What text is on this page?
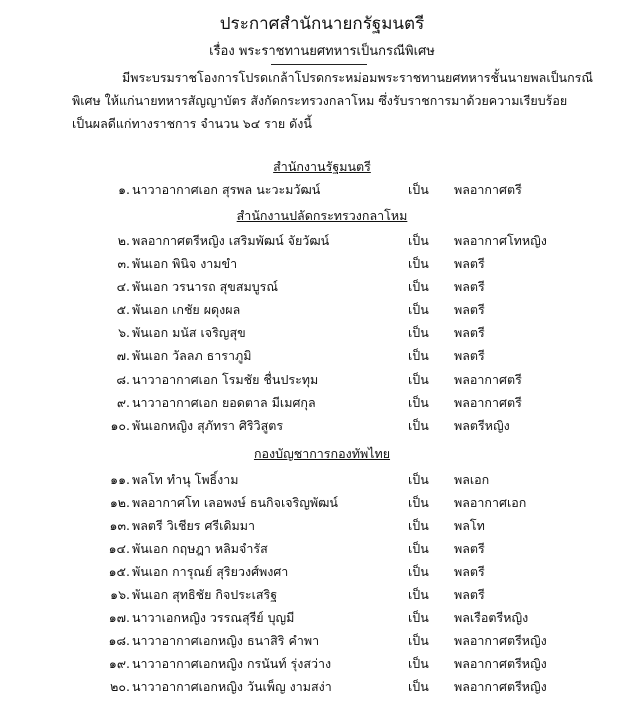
ประกาศสำนักนายกรัฐมนตรี
เรื่อง พระราชทานยศทหารเป็นกรณีพิเศษ
มีพระบรมราชโองการโปรดเกล้าโปรดกระหม่อมพระราชทานยศทหารชั้นนายพลเป็นกรณี
พิเศษ ให้แก่นายทหารสัญญาบัตร สังกัดกระทรวงกลาโหม ซึ่งรับราชการมาด้วยความเรียบร้อย
เป็นผลดีแก่ทางราชการ จำนวน ๖๔ ราย ดังนี้
สำนักงานรัฐมนตรี
๑. นาวาอากาศเอก สุรพล นะวะมวัฒน์	เป็น พลอากาศตรี
สำนักงานปลัดกระทรวงกลาโหม
๒. พลอากาศตรีหญิง เสริมพัฒน์ จัยวัฒน์	เป็น พลอากาศโทหญิง
๓. พันเอก พินิจ งามขำ	เป็น พลตรี
๔. พันเอก วรนารถ สุขสมบูรณ์	เป็น พลตรี
๕. พันเอก เกชัย ผดุงผล	เป็น พลตรี
๖. พันเอก มนัส เจริญสุข	เป็น พลตรี
๗. พันเอก วัลลภ ธาราภูมิ	เป็น พลตรี
๘. นาวาอากาศเอก โรมชัย ชื่นประทุม	เป็น พลอากาศตรี
๙. นาวาอากาศเอก ยอดตาล มีเมศกุล	เป็น พลอากาศตรี
๑๐. พันเอกหญิง สุภัทรา ศิริวิสูตร	เป็น พลตรีหญิง
กองบัญชาการกองทัพไทย
๑๑. พลโท ทำนุ โพธิ์งาม	เป็น พลเอก
๑๒. พลอากาศโท เลอพงษ์ ธนกิจเจริญพัฒน์	เป็น พลอากาศเอก
๑๓. พลตรี วิเชียร ศรีเดิมมา	เป็น พลโท
๑๔. พันเอก กฤษฎา หลิมจำรัส	เป็น พลตรี
๑๕. พันเอก การุณย์ สุริยวงศ์พงศา	เป็น พลตรี
๑๖. พันเอก สุทธิชัย กิจประเสริฐ	เป็น พลตรี
๑๗. นาวาเอกหญิง วรรณสุรีย์ บุญมี	เป็น พลเรือตรีหญิง
๑๘. นาวาอากาศเอกหญิง ธนาสิริ คำพา	เป็น พลอากาศตรีหญิง
๑๙. นาวาอากาศเอกหญิง กรนันท์ รุ่งสว่าง	เป็น พลอากาศตรีหญิง
๒๐. นาวาอากาศเอกหญิง วันเพ็ญ งามสง่า	เป็น พลอากาศตรีหญิง
